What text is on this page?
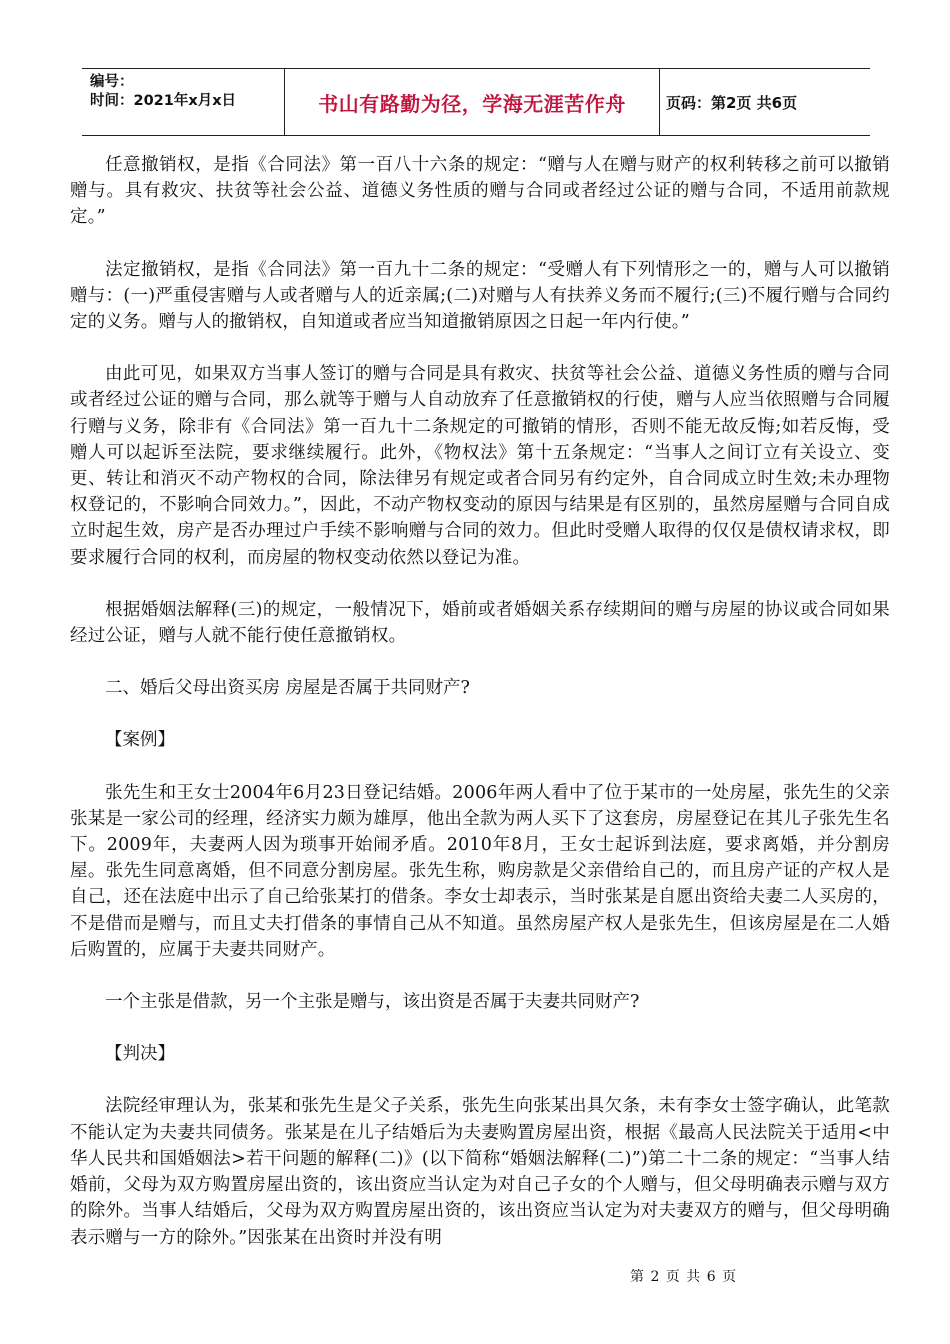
编号：
时间：2021年x月x日	书山有路勤为径，学海无涯苦作舟	页码：第2页 共6页

任意撤销权，是指《合同法》第一百八十六条的规定：“赠与人在赠与财产的权利转移之前可以撤销赠与。具有救灾、扶贫等社会公益、道德义务性质的赠与合同或者经过公证的赠与合同，不适用前款规定。”

法定撤销权，是指《合同法》第一百九十二条的规定：“受赠人有下列情形之一的，赠与人可以撤销赠与：(一)严重侵害赠与人或者赠与人的近亲属;(二)对赠与人有扶养义务而不履行;(三)不履行赠与合同约定的义务。赠与人的撤销权，自知道或者应当知道撤销原因之日起一年内行使。”

由此可见，如果双方当事人签订的赠与合同是具有救灾、扶贫等社会公益、道德义务性质的赠与合同或者经过公证的赠与合同，那么就等于赠与人自动放弃了任意撤销权的行使，赠与人应当依照赠与合同履行赠与义务，除非有《合同法》第一百九十二条规定的可撤销的情形，否则不能无故反悔;如若反悔，受赠人可以起诉至法院，要求继续履行。此外，《物权法》第十五条规定：“当事人之间订立有关设立、变更、转让和消灭不动产物权的合同，除法律另有规定或者合同另有约定外，自合同成立时生效;未办理物权登记的，不影响合同效力。”，因此，不动产物权变动的原因与结果是有区别的，虽然房屋赠与合同自成立时起生效，房产是否办理过户手续不影响赠与合同的效力。但此时受赠人取得的仅仅是债权请求权，即要求履行合同的权利，而房屋的物权变动依然以登记为准。

根据婚姻法解释(三)的规定，一般情况下，婚前或者婚姻关系存续期间的赠与房屋的协议或合同如果经过公证，赠与人就不能行使任意撤销权。

二、婚后父母出资买房 房屋是否属于共同财产?

【案例】

张先生和王女士2004年6月23日登记结婚。2006年两人看中了位于某市的一处房屋，张先生的父亲张某是一家公司的经理，经济实力颇为雄厚，他出全款为两人买下了这套房，房屋登记在其儿子张先生名下。2009年，夫妻两人因为琐事开始闹矛盾。2010年8月，王女士起诉到法庭，要求离婚，并分割房屋。张先生同意离婚，但不同意分割房屋。张先生称，购房款是父亲借给自己的，而且房产证的产权人是自己，还在法庭中出示了自己给张某打的借条。李女士却表示，当时张某是自愿出资给夫妻二人买房的，不是借而是赠与，而且丈夫打借条的事情自己从不知道。虽然房屋产权人是张先生，但该房屋是在二人婚后购置的，应属于夫妻共同财产。

一个主张是借款，另一个主张是赠与，该出资是否属于夫妻共同财产?

【判决】

法院经审理认为，张某和张先生是父子关系，张先生向张某出具欠条，未有李女士签字确认，此笔款不能认定为夫妻共同债务。张某是在儿子结婚后为夫妻购置房屋出资，根据《最高人民法院关于适用<中华人民共和国婚姻法>若干问题的解释(二)》(以下简称“婚姻法解释(二)”)第二十二条的规定：“当事人结婚前，父母为双方购置房屋出资的，该出资应当认定为对自己子女的个人赠与，但父母明确表示赠与双方的除外。当事人结婚后，父母为双方购置房屋出资的，该出资应当认定为对夫妻双方的赠与，但父母明确表示赠与一方的除外。”因张某在出资时并没有明

第 2 页 共 6 页
